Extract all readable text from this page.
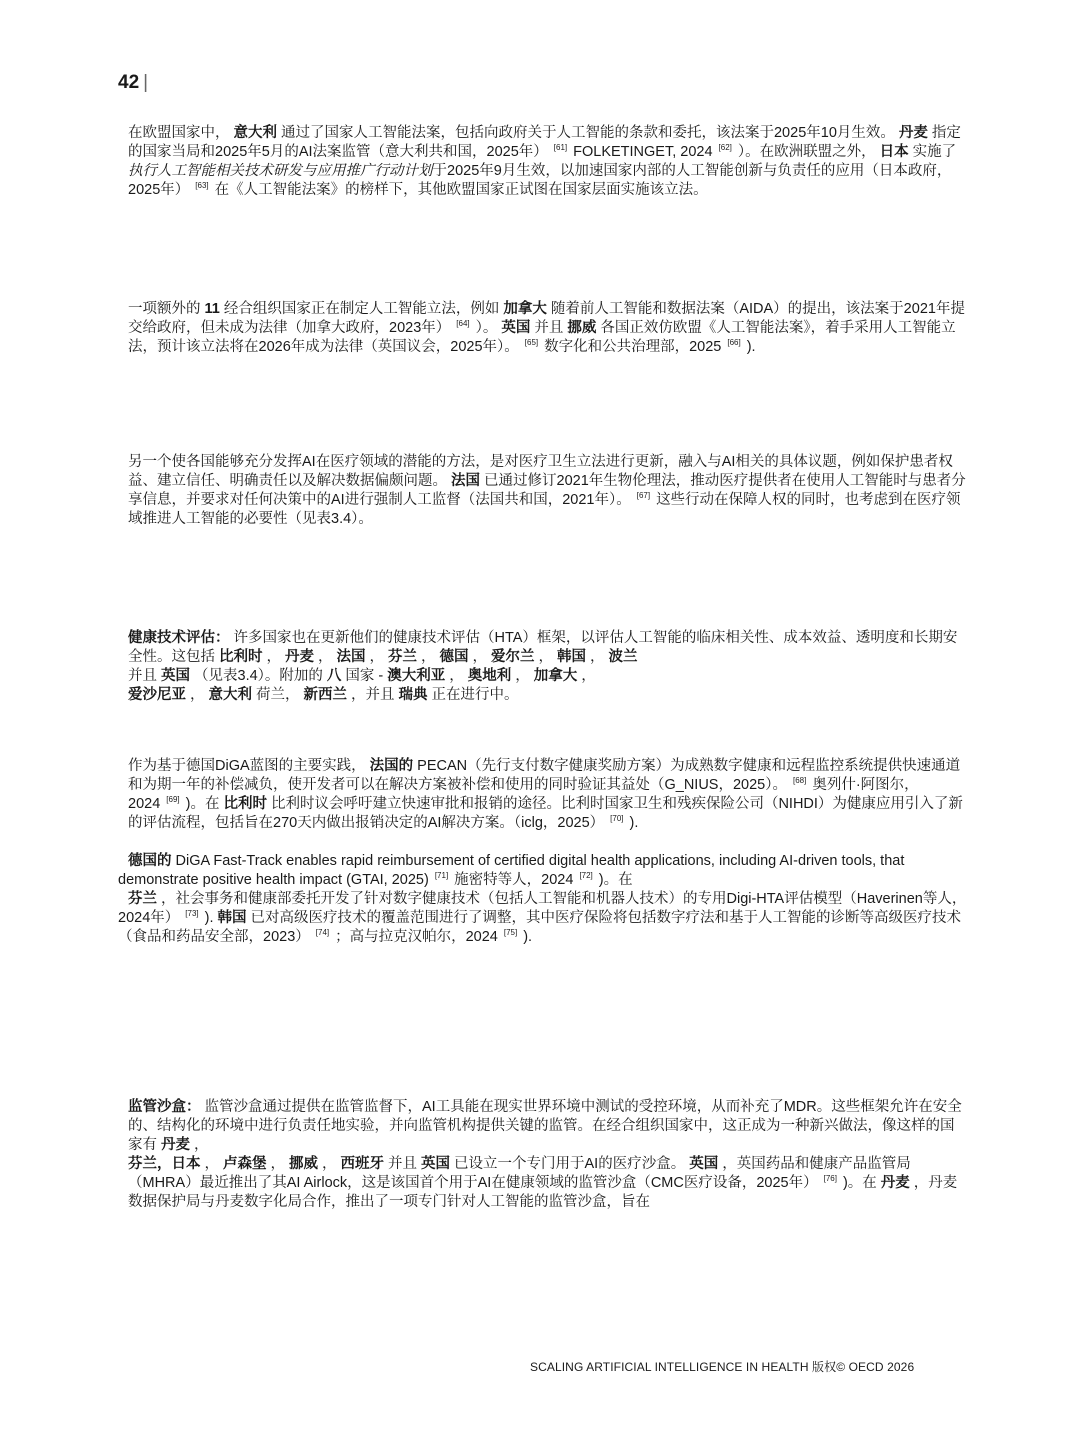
42 |

在欧盟国家中， 意大利 通过了国家人工智能法案，包括向政府关于人工智能的条款和委托，该法案于2025年10月生效。 丹麦 指定的国家当局和2025年5月的AI法案监管（意大利共和国，2025年） [61] FOLKETINGET, 2024 [62] ）。在欧洲联盟之外， 日本 实施了执行人工智能相关技术研发与应用推广行动计划于2025年9月生效，以加速国家内部的人工智能创新与负责任的应用（日本政府，2025年） [63] 在《人工智能法案》的榜样下，其他欧盟国家正试图在国家层面实施该立法。

一项额外的 11 经合组织国家正在制定人工智能立法，例如 加拿大 随着前人工智能和数据法案（AIDA）的提出，该法案于2021年提交给政府，但未成为法律（加拿大政府，2023年） [64] ）。 英国 并且 挪威 各国正效仿欧盟《人工智能法案》，着手采用人工智能立法，预计该立法将在2026年成为法律（英国议会，2025年）。 [65] 数字化和公共治理部，2025 [66] ).

另一个使各国能够充分发挥AI在医疗领域的潜能的方法，是对医疗卫生立法进行更新，融入与AI相关的具体议题，例如保护患者权益、建立信任、明确责任以及解决数据偏颇问题。 法国 已通过修订2021年生物伦理法，推动医疗提供者在使用人工智能时与患者分享信息，并要求对任何决策中的AI进行强制人工监督（法国共和国，2021年）。 [67] 这些行动在保障人权的同时，也考虑到在医疗领域推进人工智能的必要性（见表3.4）。

健康技术评估： 许多国家也在更新他们的健康技术评估（HTA）框架，以评估人工智能的临床相关性、成本效益、透明度和长期安全性。这包括 比利时 ， 丹麦 ， 法国 ， 芬兰 ， 德国 ， 爱尔兰 ， 韩国 ， 波兰
并且 英国 （见表3.4）。附加的 八 国家 - 澳大利亚 ， 奥地利 ， 加拿大 ，
爱沙尼亚 ， 意大利 荷兰， 新西兰 ，并且 瑞典 正在进行中。

作为基于德国DiGA蓝图的主要实践， 法国的 PECAN（先行支付数字健康奖励方案）为成熟数字健康和远程监控系统提供快速通道和为期一年的补偿减负，使开发者可以在解决方案被补偿和使用的同时验证其益处（G_NIUS，2025）。 [68] 奥列什·阿图尔，2024 [69] )。在 比利时 比利时议会呼吁建立快速审批和报销的途径。比利时国家卫生和残疾保险公司（NIHDI）为健康应用引入了新的评估流程，包括旨在270天内做出报销决定的AI解决方案。（iclg，2025） [70] ).

德国的 DiGA Fast-Track enables rapid reimbursement of certified digital health applications, including AI-driven tools, that demonstrate positive health impact (GTAI, 2025) [71] 施密特等人，2024 [72] )。在
芬兰 ，社会事务和健康部委托开发了针对数字健康技术（包括人工智能和机器人技术）的专用Digi-HTA评估模型（Haverinen等人，2024年） [73] ). 韩国 已对高级医疗技术的覆盖范围进行了调整，其中医疗保险将包括数字疗法和基于人工智能的诊断等高级医疗技术（食品和药品安全部，2023） [74] ；高与拉克汉帕尔，2024 [75] ).

监管沙盒： 监管沙盒通过提供在监管监督下，AI工具能在现实世界环境中测试的受控环境，从而补充了MDR。这些框架允许在安全的、结构化的环境中进行负责任地实验，并向监管机构提供关键的监管。在经合组织国家中，这正成为一种新兴做法，像这样的国家有 丹麦 ，
芬兰，日本 ， 卢森堡 ， 挪威 ， 西班牙 并且 英国 已设立一个专门用于AI的医疗沙盒。 英国 ，英国药品和健康产品监管局（MHRA）最近推出了其AI Airlock，这是该国首个用于AI在健康领域的监管沙盒（CMC医疗设备，2025年） [76] )。在 丹麦 ，丹麦数据保护局与丹麦数字化局合作，推出了一项专门针对人工智能的监管沙盒，旨在

SCALING ARTIFICIAL INTELLIGENCE IN HEALTH 版权© OECD 2026
